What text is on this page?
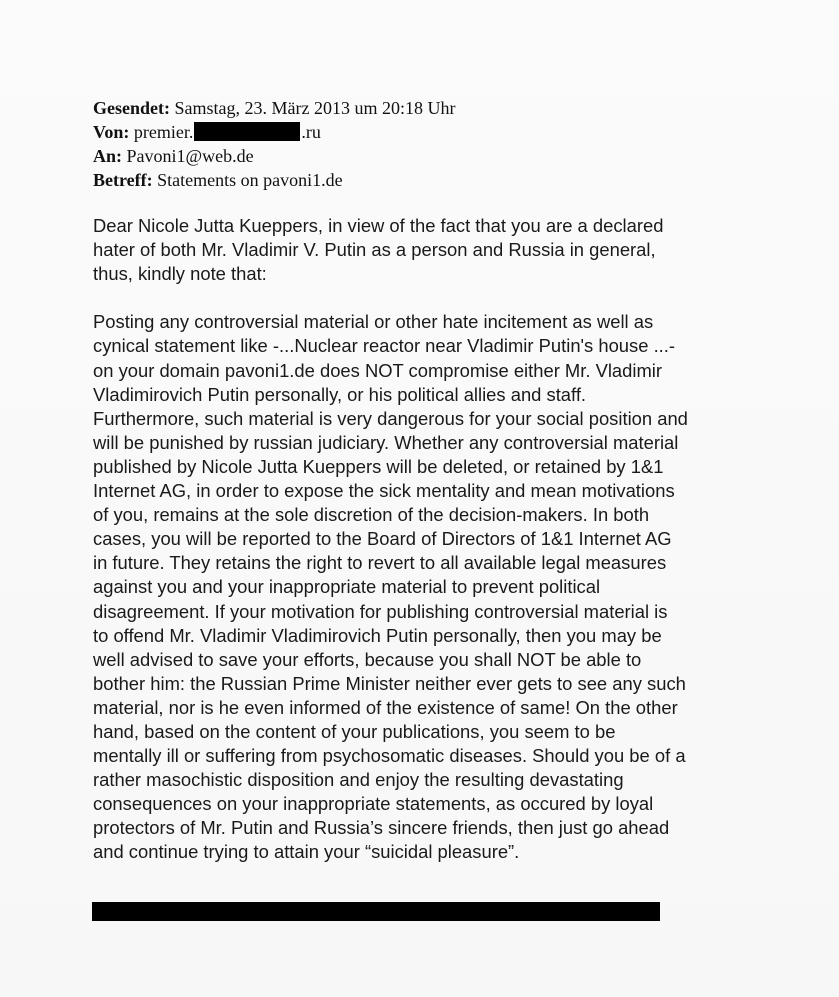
Gesendet: Samstag, 23. März 2013 um 20:18 Uhr
Von: premier.	.ru
An: Pavoni1@web.de
Betreff: Statements on pavoni1.de
Dear Nicole Jutta Kueppers, in view of the fact that you are a declared
hater of both Mr. Vladimir V. Putin as a person and Russia in general,
thus, kindly note that:
Posting any controversial material or other hate incitement as well as
cynical statement like -...Nuclear reactor near Vladimir Putin's house ...-
on your domain pavoni1.de does NOT compromise either Mr. Vladimir
Vladimirovich Putin personally, or his political allies and staff.
Furthermore, such material is very dangerous for your social position and
will be punished by russian judiciary. Whether any controversial material
published by Nicole Jutta Kueppers will be deleted, or retained by 1&1
Internet AG, in order to expose the sick mentality and mean motivations
of you, remains at the sole discretion of the decision-makers. In both
cases, you will be reported to the Board of Directors of 1&1 Internet AG
in future. They retains the right to revert to all available legal measures
against you and your inappropriate material to prevent political
disagreement. If your motivation for publishing controversial material is
to offend Mr. Vladimir Vladimirovich Putin personally, then you may be
well advised to save your efforts, because you shall NOT be able to
bother him: the Russian Prime Minister neither ever gets to see any such
material, nor is he even informed of the existence of same! On the other
hand, based on the content of your publications, you seem to be
mentally ill or suffering from psychosomatic diseases. Should you be of a
rather masochistic disposition and enjoy the resulting devastating
consequences on your inappropriate statements, as occured by loyal
protectors of Mr. Putin and Russia’s sincere friends, then just go ahead
and continue trying to attain your “suicidal pleasure”.
